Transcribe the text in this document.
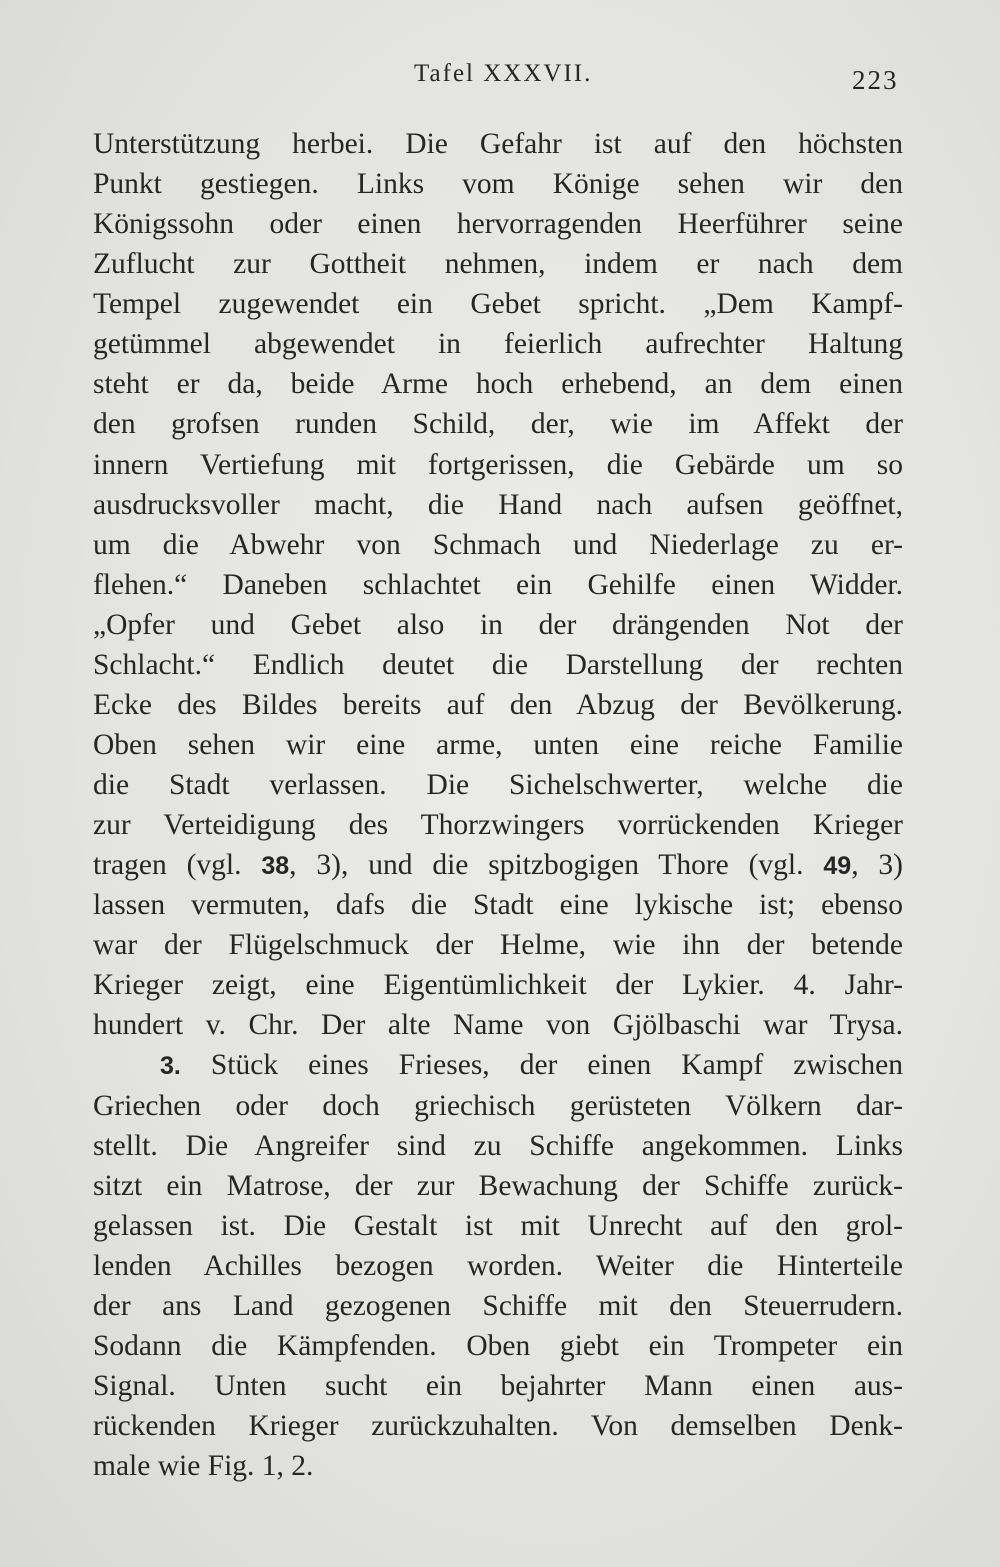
Tafel XXXVII.	223
Unterstützung herbei. Die Gefahr ist auf den höchsten
Punkt gestiegen. Links vom Könige sehen wir den
Königssohn oder einen hervorragenden Heerführer seine
Zuflucht zur Gottheit nehmen, indem er nach dem
Tempel zugewendet ein Gebet spricht. „Dem Kampf-
getümmel abgewendet in feierlich aufrechter Haltung
steht er da, beide Arme hoch erhebend, an dem einen
den grofsen runden Schild, der, wie im Affekt der
innern Vertiefung mit fortgerissen, die Gebärde um so
ausdrucksvoller macht, die Hand nach aufsen geöffnet,
um die Abwehr von Schmach und Niederlage zu er-
flehen.“ Daneben schlachtet ein Gehilfe einen Widder.
„Opfer und Gebet also in der drängenden Not der
Schlacht.“ Endlich deutet die Darstellung der rechten
Ecke des Bildes bereits auf den Abzug der Bevölkerung.
Oben sehen wir eine arme, unten eine reiche Familie
die Stadt verlassen. Die Sichelschwerter, welche die
zur Verteidigung des Thorzwingers vorrückenden Krieger
tragen (vgl. 38, 3), und die spitzbogigen Thore (vgl. 49, 3)
lassen vermuten, dafs die Stadt eine lykische ist; ebenso
war der Flügelschmuck der Helme, wie ihn der betende
Krieger zeigt, eine Eigentümlichkeit der Lykier. 4. Jahr-
hundert v. Chr. Der alte Name von Gjölbaschi war Trysa.
3. Stück eines Frieses, der einen Kampf zwischen
Griechen oder doch griechisch gerüsteten Völkern dar-
stellt. Die Angreifer sind zu Schiffe angekommen. Links
sitzt ein Matrose, der zur Bewachung der Schiffe zurück-
gelassen ist. Die Gestalt ist mit Unrecht auf den grol-
lenden Achilles bezogen worden. Weiter die Hinterteile
der ans Land gezogenen Schiffe mit den Steuerrudern.
Sodann die Kämpfenden. Oben giebt ein Trompeter ein
Signal. Unten sucht ein bejahrter Mann einen aus-
rückenden Krieger zurückzuhalten. Von demselben Denk-
male wie Fig. 1, 2.
